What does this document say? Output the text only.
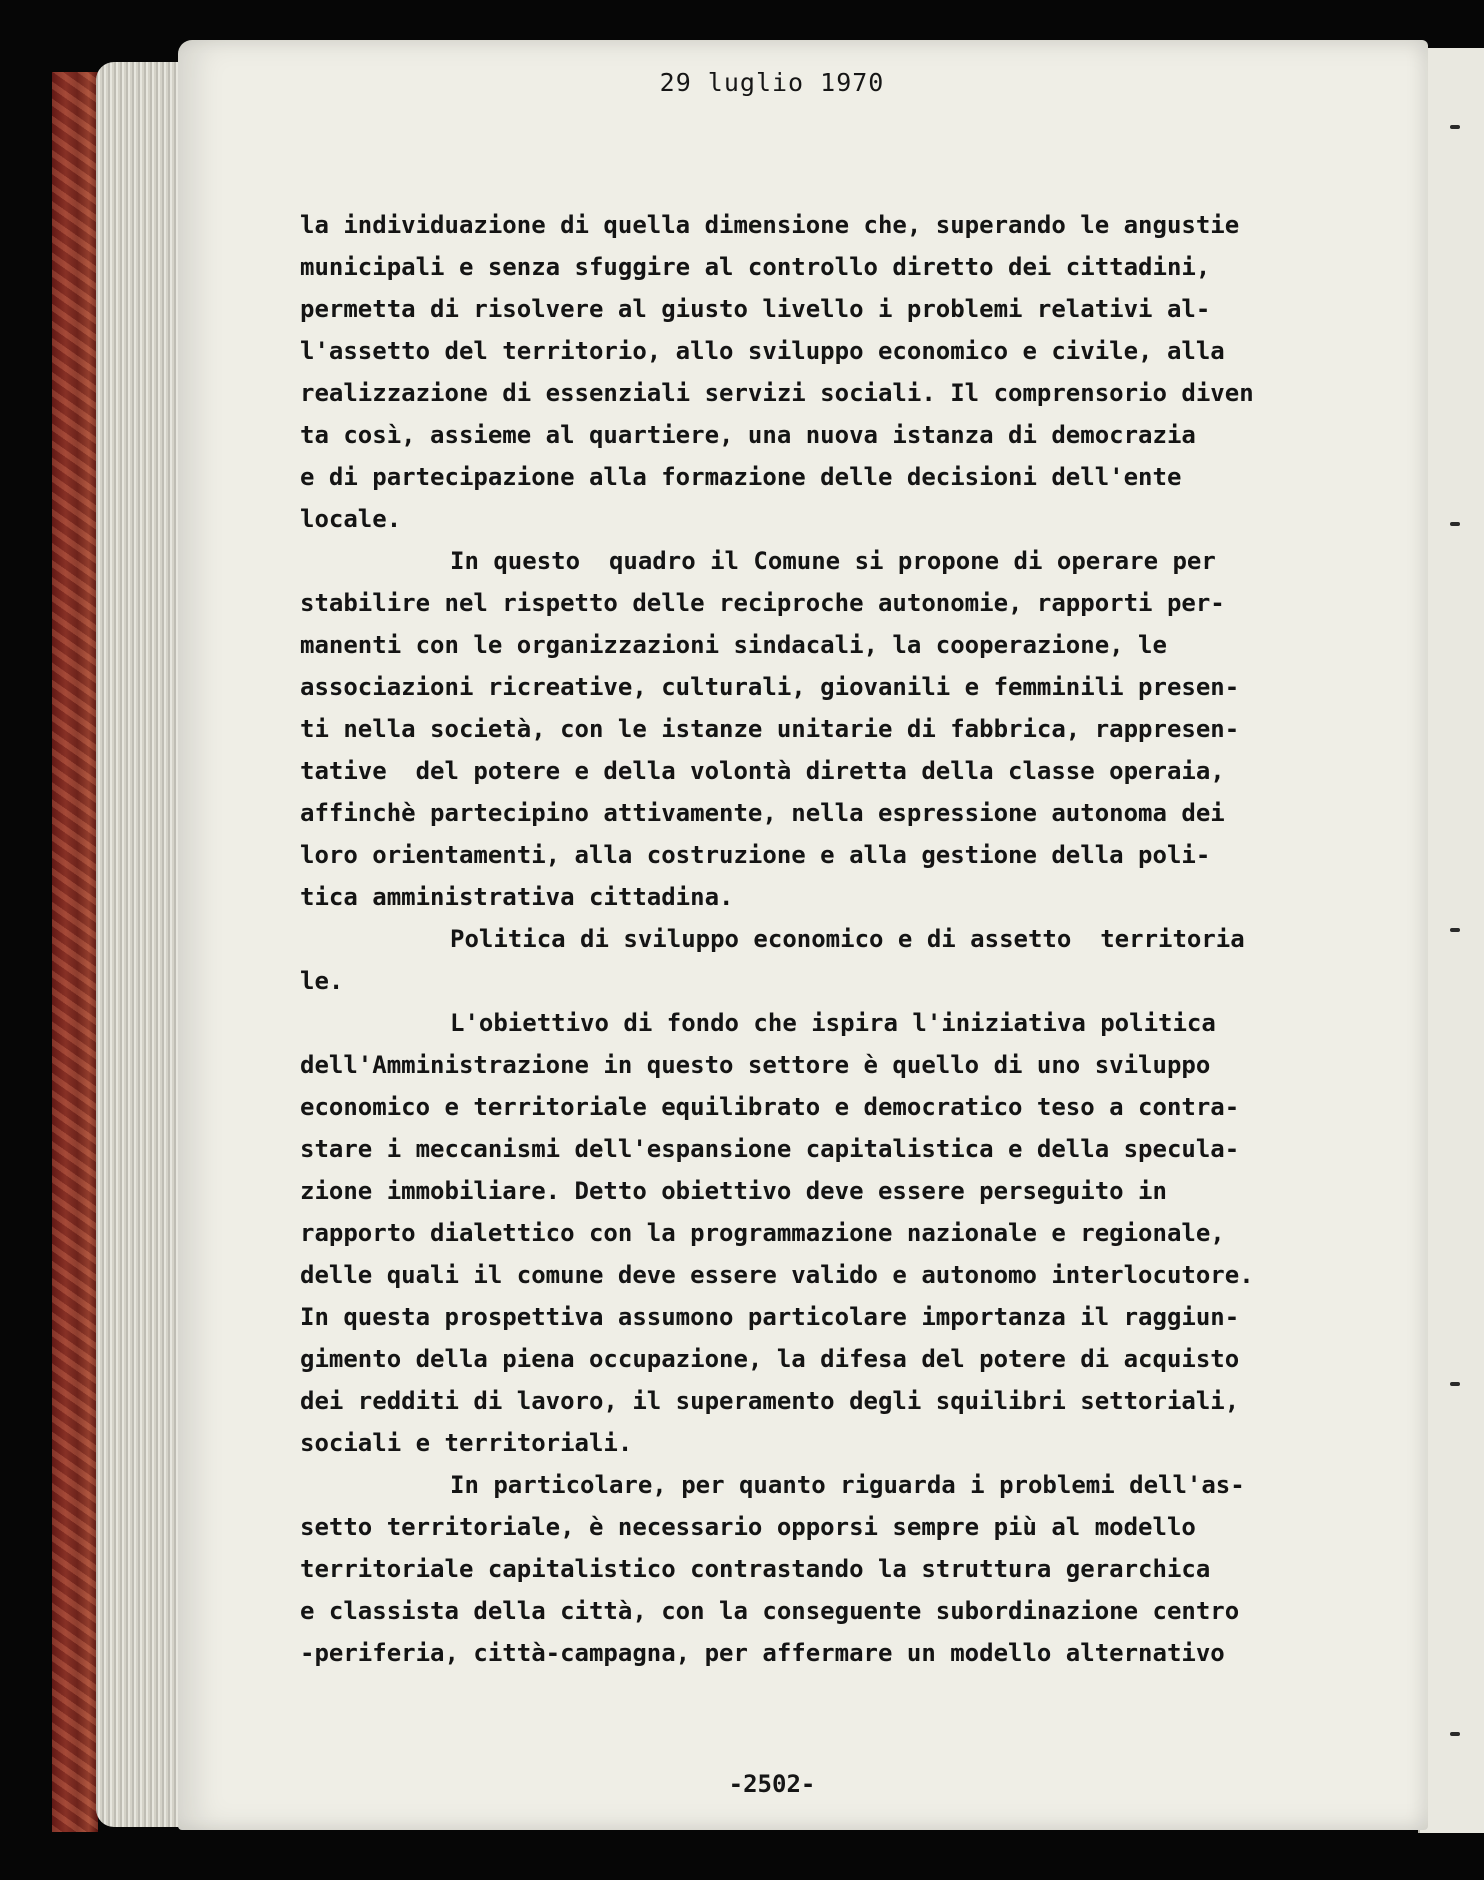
29 luglio 1970
la individuazione di quella dimensione che, superando le angustie
municipali e senza sfuggire al controllo diretto dei cittadini,
permetta di risolvere al giusto livello i problemi relativi al-
l'assetto del territorio, allo sviluppo economico e civile, alla
realizzazione di essenziali servizi sociali. Il comprensorio diven
ta così, assieme al quartiere, una nuova istanza di democrazia
e di partecipazione alla formazione delle decisioni dell'ente
locale.
In questo  quadro il Comune si propone di operare per
stabilire nel rispetto delle reciproche autonomie, rapporti per-
manenti con le organizzazioni sindacali, la cooperazione, le
associazioni ricreative, culturali, giovanili e femminili presen-
ti nella società, con le istanze unitarie di fabbrica, rappresen-
tative  del potere e della volontà diretta della classe operaia,
affinchè partecipino attivamente, nella espressione autonoma dei
loro orientamenti, alla costruzione e alla gestione della poli-
tica amministrativa cittadina.
Politica di sviluppo economico e di assetto  territoria
le.
L'obiettivo di fondo che ispira l'iniziativa politica
dell'Amministrazione in questo settore è quello di uno sviluppo
economico e territoriale equilibrato e democratico teso a contra-
stare i meccanismi dell'espansione capitalistica e della specula-
zione immobiliare. Detto obiettivo deve essere perseguito in
rapporto dialettico con la programmazione nazionale e regionale,
delle quali il comune deve essere valido e autonomo interlocutore.
In questa prospettiva assumono particolare importanza il raggiun-
gimento della piena occupazione, la difesa del potere di acquisto
dei redditi di lavoro, il superamento degli squilibri settoriali,
sociali e territoriali.
In particolare, per quanto riguarda i problemi dell'as-
setto territoriale, è necessario opporsi sempre più al modello
territoriale capitalistico contrastando la struttura gerarchica
e classista della città, con la conseguente subordinazione centro
-periferia, città-campagna, per affermare un modello alternativo
-2502-
